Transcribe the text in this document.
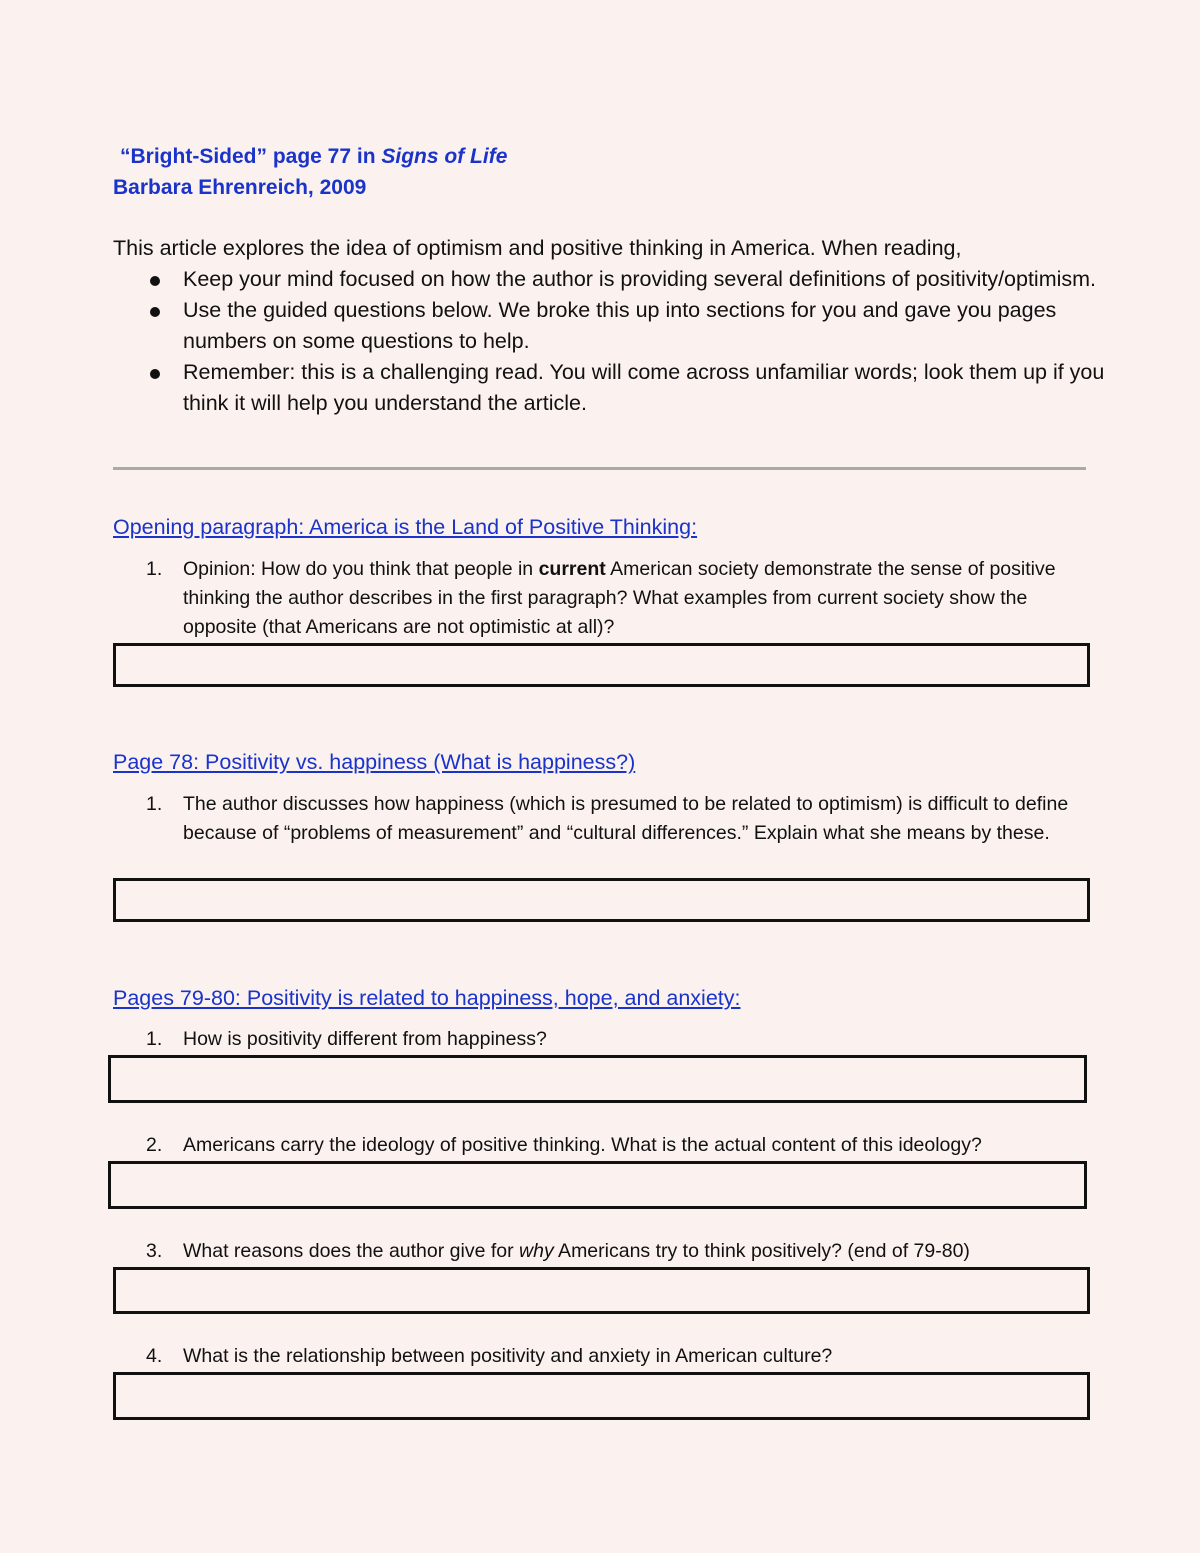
“Bright-Sided” page 77 in Signs of Life
Barbara Ehrenreich, 2009
This article explores the idea of optimism and positive thinking in America. When reading,
Keep your mind focused on how the author is providing several definitions of positivity/optimism.
Use the guided questions below. We broke this up into sections for you and gave you pages numbers on some questions to help.
Remember: this is a challenging read. You will come across unfamiliar words; look them up if you think it will help you understand the article.
Opening paragraph: America is the Land of Positive Thinking:
1.	Opinion: How do you think that people in current American society demonstrate the sense of positive thinking the author describes in the first paragraph? What examples from current society show the opposite (that Americans are not optimistic at all)?
Page 78: Positivity vs. happiness (What is happiness?)
1.	The author discusses how happiness (which is presumed to be related to optimism) is difficult to define because of “problems of measurement” and “cultural differences.” Explain what she means by these.
Pages 79-80: Positivity is related to happiness, hope, and anxiety:
1.	How is positivity different from happiness?
2.	Americans carry the ideology of positive thinking. What is the actual content of this ideology?
3.	What reasons does the author give for why Americans try to think positively? (end of 79-80)
4.	What is the relationship between positivity and anxiety in American culture?
